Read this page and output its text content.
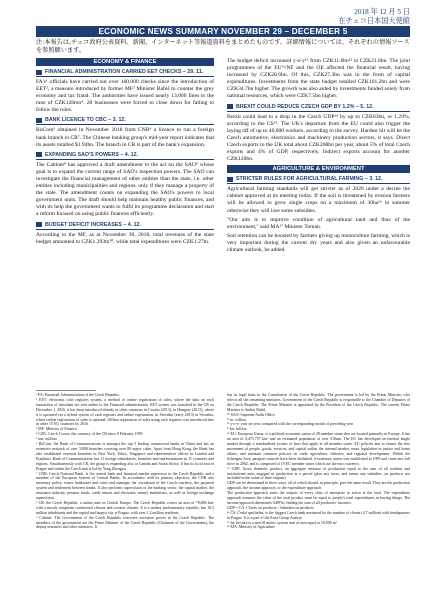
2018 年 12 月 5 日
在チェコ日本国大使館
ECONOMIC NEWS SUMMARY NOVEMBER 29 – DECEMBER 5
注:本報告は,チェコ政府公表資料、新聞、インターネット等報道資料をまとめたものです。詳細情報については、それぞれの情報ソースを参照願います。
ECONOMY & FINANCE
FINANCIAL ADMINISTRATION CARRIED EET CHECKS – 29. 11.

FA's¹ officials have carried out over 160,000 checks since the introduction of EET², a measure introduced by former MF³ Minister Babiš to counter the grey economy and tax fraud. The authorities have issued nearly 13,000 fines to the tune of CZK128mn⁴. 28 businesses were forced to close down for failing to follow the rules.

BANK LICENCE TO CBC – 3. 12.

BoCom⁵ obtained in November 2018 from CNB⁶ a licence to run a foreign bank branch in CR⁷. The Chinese banking group's mid-year report indicates that its assets totalled $1.94bn. The branch in CR is part of the bank's expansion.

EXPANDING SAO'S POWERS – 4. 12.

The Cabinet⁸ has approved a draft amendment to the act on the SAO⁹ whose goal is to expand the current range of SAO's inspection powers. The SAO can investigate the financial management of other entities than the state, i.e. other entities including municipalities and regions, only if they manage a property of the state. The amendment counts on expanding the SAO's powers to local government units. The draft should help maintain healthy public finances, and with its help the government wants to fulfil its programme declaration and start a reform focused on using public finances efficiently.

BUDGET DEFICIT INCREASES – 4. 12.

According to the MF, as at November 30, 2018, total revenues of the state budget amounted to CZK1.293tn¹⁰, while total expenditures were CZK1.27tn.

The budget deficit increased y-o-y¹¹ from CZK11.6bn¹² to CZK21.6bn. The joint programmes of the EU¹³/NF and the OE affected the financial result, having increased by CZK28.6bn. Of this, CZK27.3bn was in the form of capital expenditures. Investments from the state budget totalled CZK101.2bn and were CZK34.7bn higher. The growth was also aided by investments funded solely from national resources, which were CZK7.5bn higher.

BREXIT COULD REDUCE CZECH GDP BY 1.2% – 5. 12.

Brexit could lead to a drop in the Czech GDP¹⁴ by up to CZK63bn, or 1.29%, according to the CS¹⁵. The UK's departure from the EU could also trigger the laying off of up to 40,000 workers, according to the survey. Hardest hit will be the Czech automotive, electronics and machinery production sectors, it says. Direct Czech exports to the UK total about CZK208bn per year, about 5% of total Czech exports and 4% of GDP, respectively. Indirect exports account for another CZK120bn.

AGRICULTURE & ENVIRONMENT
STRICTER RULES FOR AGRICULTURAL FARMING – 3. 12.

Agricultural farming standards will get stricter as of 2020 under a decree the cabinet approved at its meeting today. If the soil is threatened by erosion farmers will be allowed to grow single crops on a maximum of 30ha¹⁶ in summer otherwise they will lose some subsidies.

"Our aim is to improve condition of agricultural land and thus of the environment," said MA¹⁷ Minister Toman.

Soil retention can be boosted by farmers giving up monoculture farming, which is very important during the current dry years and also given an unfavourable climate outlook, he added.

¹ FA: Financial Administration of the Czech Republic

² EET: electronic cash registers system, a method of online registration of sales, where the data on each transaction of merchant are sent online to the Financial administration. EET system was launched in the CR on December 1, 2016, it has been introduced already in other countries in Croatia (2013), in Hungary (2013), where it is operated via a hybrid system of cash registers and online registration, in Slovakia (early 2013) in Slovakia, where online registration of sales is optional. Offline registration of sales using cash registers was introduced also in other 15 EU countries by 2016.

³ MF: Ministry of Finance

⁴ CZK: Czech Crown, the currency of the CR since 8 February 1993

⁵ mn: million

⁶ BoCom: the Bank of Communications is amongst the top 5 leading commercial banks in China and has an extensive network of over 3,800 branches covering over 80 major cities. Apart from Hong Kong, the Bank has also established overseas branches in New York, Tokyo, Singapore and representative offices in London and Frankfurt. Bank of Communications has 11 foreign subsidiaries, branches and representations in 11 countries and regions. Simultaneously with CR, the group is expanding also to Canada and South Africa. It has its local seat in Prague and within the Czech unit is led by Yang Zhengyu.

⁷ CNB: Czech National Bank, is the central bank and financial market supervisor in the Czech Republic and a member of the European System of Central Banks. In accordance with its primary objective, the CNB sets monetary policy, issues banknotes and coins and manages the circulation of the Czech currency, the payment system and settlement between banks. It also performs supervision of the banking sector, the capital market, the insurance industry, pension funds, credit unions and electronic money institutions, as well as foreign exchange supervision.

⁸ CR: the Czech Republic, a nation state in Central Europe. The Czech Republic covers an area of 78,866 km² with a mostly temperate continental climate and oceanic climate. It is a unitary parliamentary republic, has 10.5 million inhabitants and the capital and largest city is Prague, with over 1.2 million residents.

⁹ Cabinet: The Government of the Czech Republic exercises executive power in the Czech Republic. The members of the government are the Prime Minister of the Czech Republic (Chairman of the Government), the deputy ministers and other ministers. It

has its legal basis in the Constitution of the Czech Republic. The government is led by the Prime Minister, who selects all the remaining ministers. Government of the Czech Republic is responsible to the Chamber of Deputies of the Czech Republic. The Prime Minister is appointed by the President of the Czech Republic. The current Prime Minister is Andrej Babiš.

¹⁰ SAO: Supreme Audit Office

¹¹ tn: trillion

¹² y-o-y: year on year, compared with the corresponding month of preceding year

¹³ bn: billion

¹⁴ EU: European Union, is a political-economic union of 28 member states that are located primarily in Europe. It has an area of 4,475,757 km² and an estimated population of over 510mn. The EU has developed an internal single market through a standardised system of laws that apply in all member states. EU policies aim to ensure the free movement of people, goods, services, and capital within the internal market, enact legislation in justice and home affairs, and maintain common policies on trade, agriculture, fisheries, and regional development. Within the Schengen Area, passport controls have been abolished. A monetary union was established in 1999 and came into full force in 2002, and is composed of 19 EU member states which use the euro currency.

¹⁵ GDP: Gross domestic product, an aggregate measure of production equal to the sum of all resident and institutional units engaged in production in a period (plus any taxes, and minus any subsidies, on products not included in the value of their outputs).

GDP can be determined in three ways, all of which should, in principle, give the same result. They are the production approach, the income approach, or the expenditure approach.

The production approach sums the outputs of every class of enterprise to arrive at the total. The expenditure approach assumes the value of the total product must be equal to people's total expenditures in buying things. The income approach determines GDP by finding the sum of all producers' incomes.

GDP = CA + Taxes on products - Subsidies on products

¹⁶ ČS: Česká spořitelna, is the biggest Czech bank measured by the number of clients (4.7 million) with headquarters in Prague. It is a part of the Erste Group Austria.

¹⁷ ha: hectare is a non-SI metric system unit of area equal to 10,000 m²

¹⁸ MA: Ministry of Agriculture
